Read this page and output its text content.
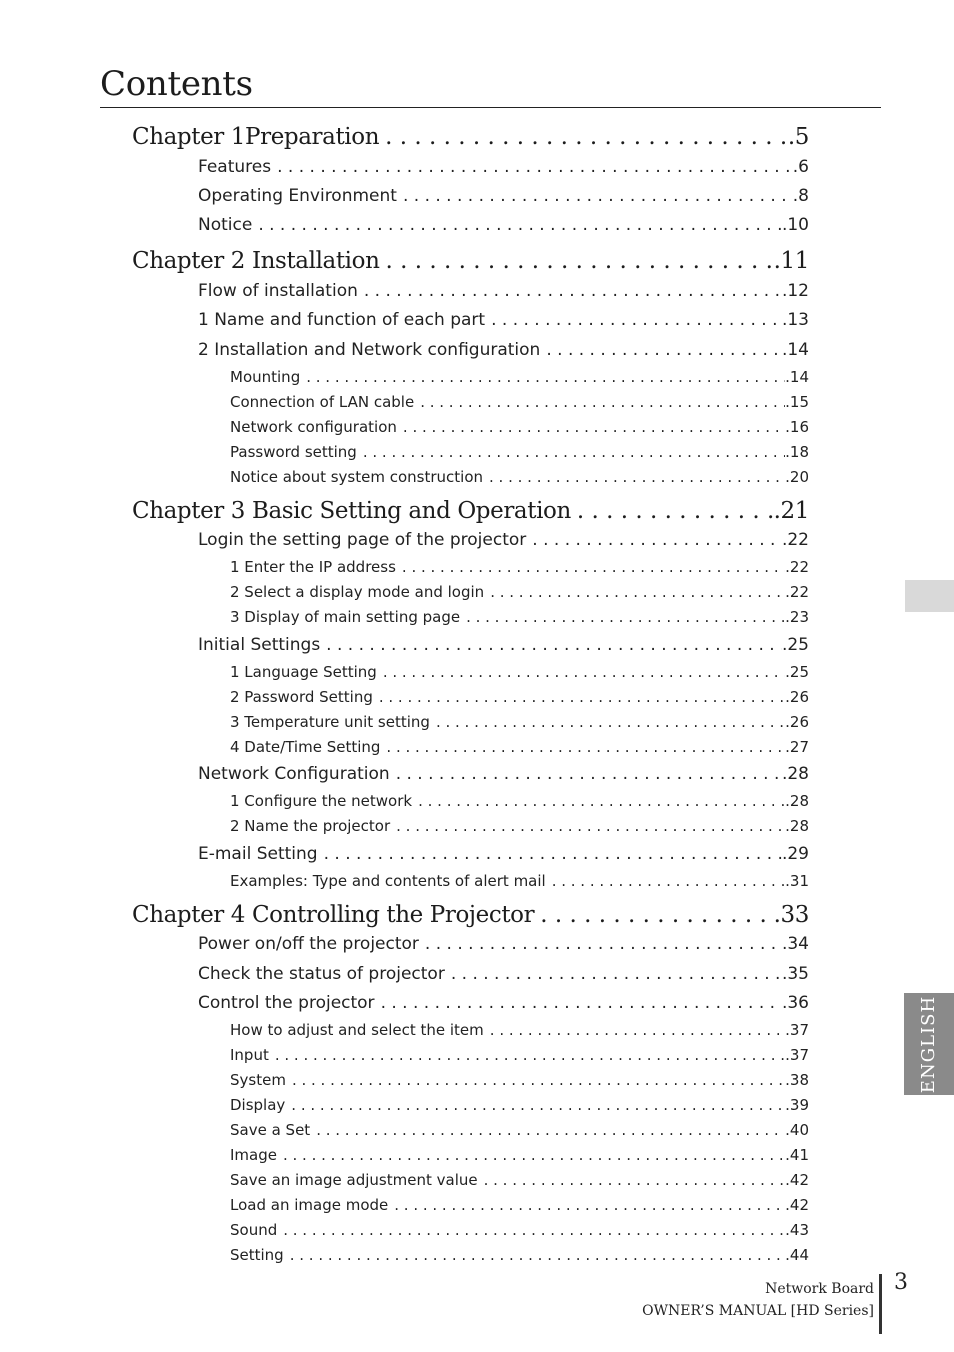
Contents
Chapter 1Preparation . . .	.5
Features . . .	.6
Operating Environment . . .	.8
Notice . . .	.10
Chapter 2 Installation . . .	.11
Flow of installation . . .	.12
1 Name and function of each part . . .	.13
2 Installation and Network configuration . . .	.14
Mounting . . .	.14
Connection of LAN cable . . .	.15
Network configuration . . .	.16
Password setting . . .	.18
Notice about system construction . . .	.20
Chapter 3 Basic Setting and Operation . . .	.21
Login the setting page of the projector . . .	.22
1 Enter the IP address . . .	.22
2 Select a display mode and login . . .	.22
3 Display of main setting page . . .	.23
Initial Settings . . .	.25
1 Language Setting . . .	.25
2 Password Setting . . .	.26
3 Temperature unit setting . . .	.26
4 Date/Time Setting . . .	.27
Network Configuration . . .	.28
1 Configure the network . . .	.28
2 Name the projector . . .	.28
E-mail Setting . . .	.29
Examples: Type and contents of alert mail . . .	.31
Chapter 4 Controlling the Projector . . .	.33
Power on/off the projector . . .	.34
Check the status of projector . . .	.35
Control the projector . . .	.36
How to adjust and select the item . . .	.37
Input . . .	.37
System . . .	.38
Display . . .	.39
Save a Set . . .	.40
Image . . .	.41
Save an image adjustment value . . .	.42
Load an image mode . . .	.42
Sound . . .	.43
Setting . . .	.44
ENGLISH
Network Board
OWNER’S MANUAL [HD Series]
3
